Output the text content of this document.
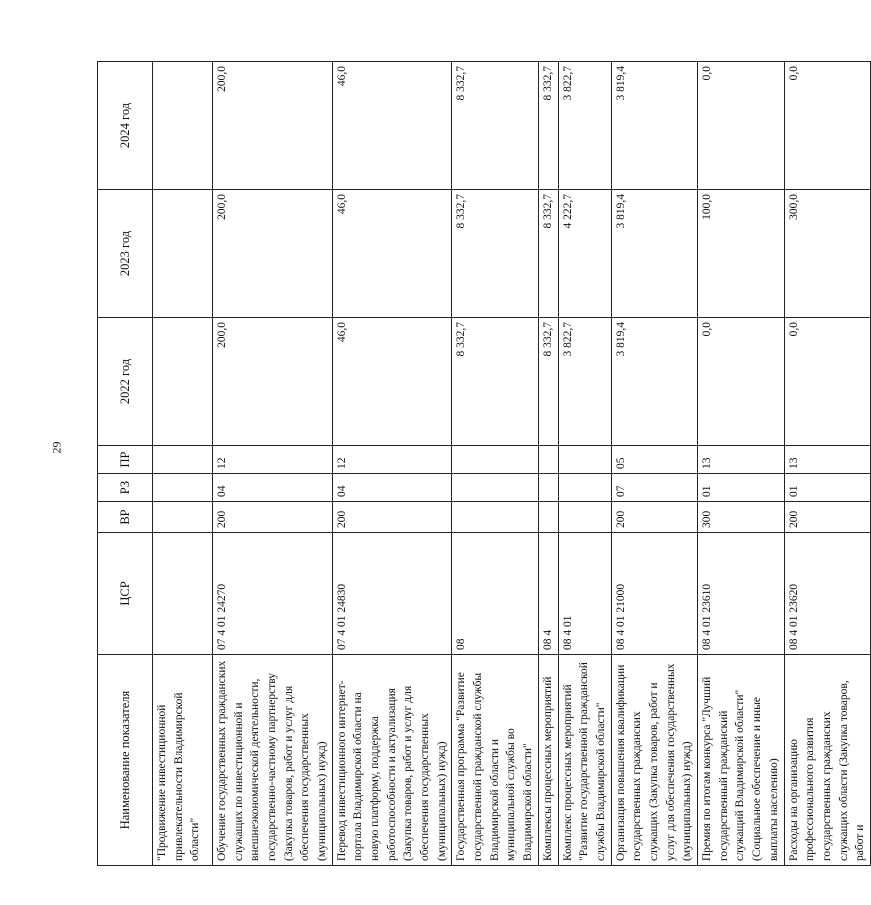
29
Наименование показателя	ЦСР	ВР	РЗ	ПР	2022 год	2023 год	2024 год
"Продвижение инвестиционной привлекательности Владимирской области"							
Обучение государственных гражданских служащих по инвестиционной и внешнеэкономической деятельности, государственно-частному партнерству (Закупка товаров, работ и услуг для обеспечения государственных (муниципальных) нужд)	07 4 01 24270	200	04	12	200,0	200,0	200,0
Перевод инвестиционного интернет-портала Владимирской области на новую платформу, поддержка работоспособности и актуализация (Закупка товаров, работ и услуг для обеспечения государственных (муниципальных) нужд)	07 4 01 24830	200	04	12	46,0	46,0	46,0
Государственная программа "Развитие государственной гражданской службы Владимирской области и муниципальной службы во Владимирской области"	08				8 332,7	8 332,7	8 332,7
Комплексы процессных мероприятий	08 4				8 332,7	8 332,7	8 332,7
Комплекс процессных мероприятий "Развитие государственной гражданской службы Владимирской области"	08 4 01				3 822,7	4 222,7	3 822,7
Организация повышения квалификации государственных гражданских служащих (Закупка товаров, работ и услуг для обеспечения государственных (муниципальных) нужд)	08 4 01 21000	200	07	05	3 819,4	3 819,4	3 819,4
Премия по итогам конкурса "Лучший государственный гражданский служащий Владимирской области" (Социальное обеспечение и иные выплаты населению)	08 4 01 23610	300	01	13	0,0	100,0	0,0
Расходы на организацию профессионального развития государственных гражданских служащих области (Закупка товаров, работ и	08 4 01 23620	200	01	13	0,0	300,0	0,0
